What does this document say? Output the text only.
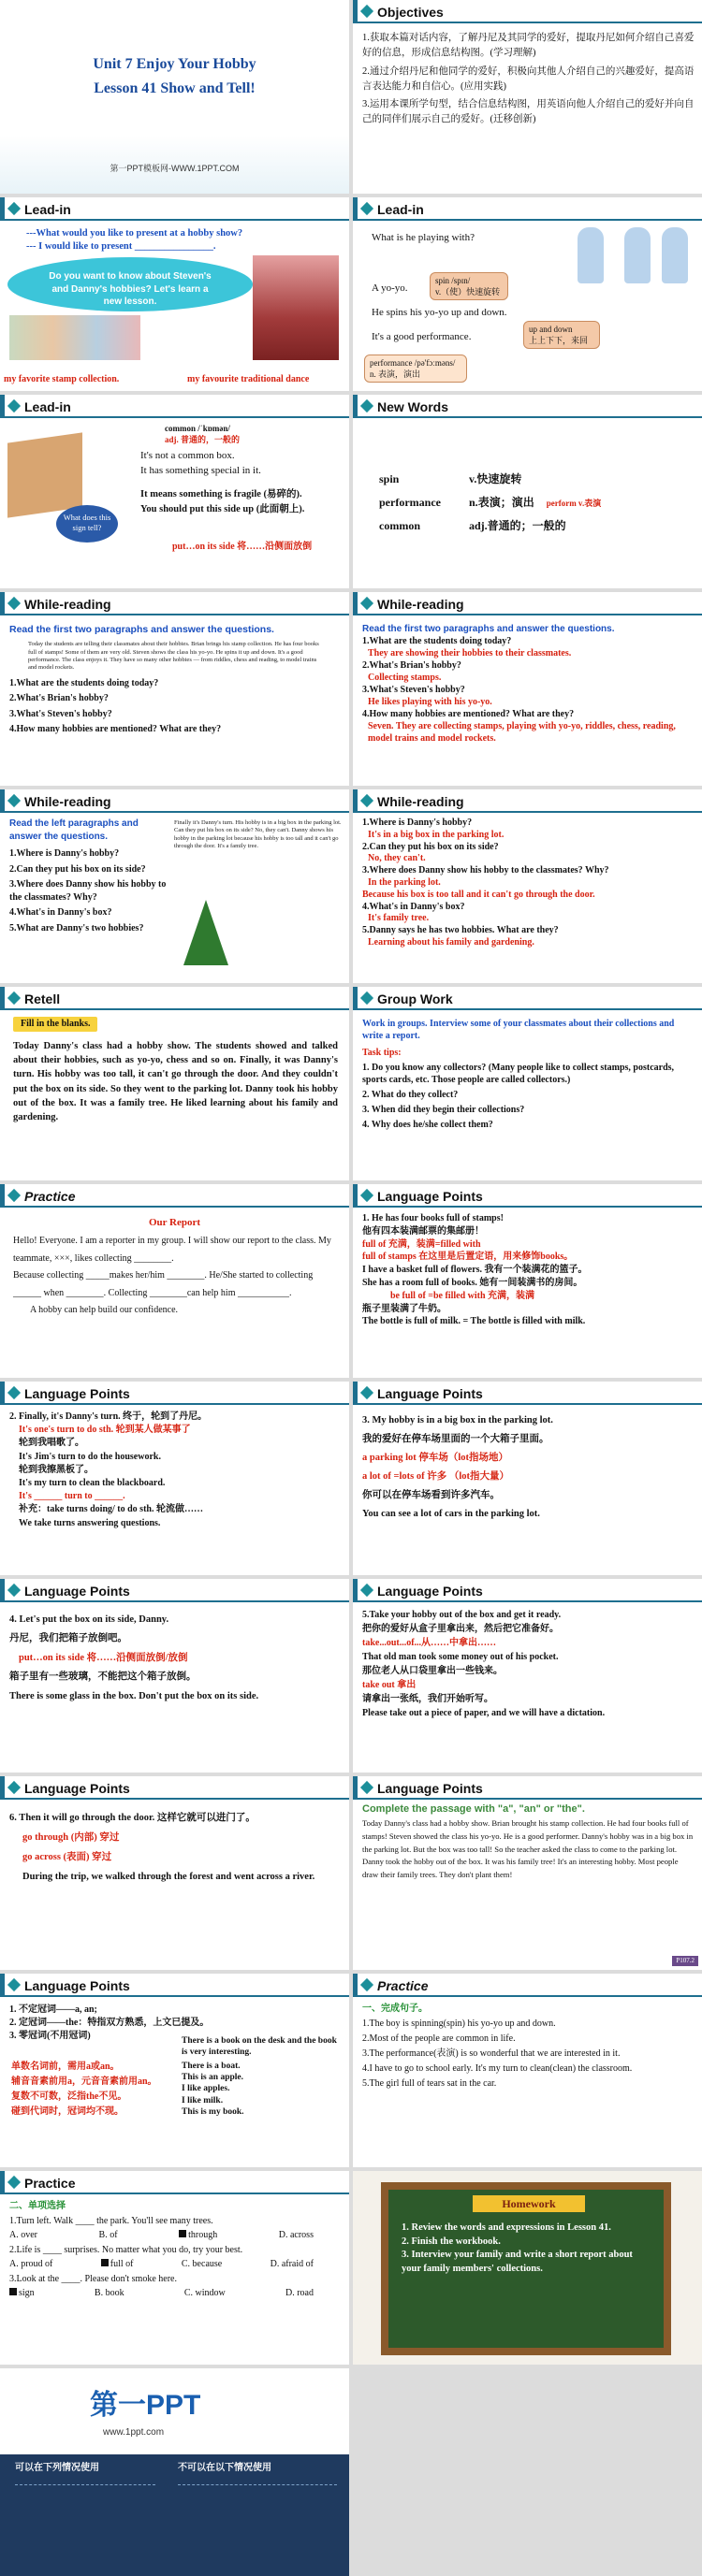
Unit 7 Enjoy Your Hobby
Lesson 41 Show and Tell!
第一PPT模板网-WWW.1PPT.COM
Objectives
1.获取本篇对话内容，了解丹尼及其同学的爱好，提取丹尼如何介绍自己喜爱好的信息，形成信息结构图。(学习理解)
2.通过介绍丹尼和他同学的爱好，积极向其他人介绍自己的兴趣爱好，提高语言表达能力和自信心。(应用实践)
3.运用本课所学句型，结合信息结构图，用英语向他人介绍自己的爱好并向自己的同伴们展示自己的爱好。(迁移创新)
Lead-in
---What would you like to present at a hobby show?
--- I would like to present ________________.
Do you want to know about Steven's and Danny's hobbies? Let's learn a new lesson.
my favorite stamp collection.	my favourite traditional dance
Lead-in
What is he playing with?
A yo-yo.
spin /spɪn/
v.（使）快速旋转
He spins his yo-yo up and down.
It's a good performance.
up and down
上上下下，来回
performance /pə'fɔːməns/
n. 表演，演出
Lead-in
What does this sign tell?
common /ˈkɒmən/
adj. 普通的，一般的
It's not a common box.
It has something special in it.
It means something is fragile (易碎的).
You should put this side up (此面朝上).
put…on its side 将……沿侧面放倒
New Words
spin	v.快速旋转
performance	n.表演；演出 perform v.表演
common	adj.普通的；一般的
While-reading
Read the first two paragraphs and answer the questions.
Today the students are telling their classmates about their hobbies. Brian brings his stamp collection. He has four books full of stamps! Some of them are very old. Steven shows the class his yo-yo. He spins it up and down. It's a good performance. The class enjoys it. They have so many other hobbies — from riddles, chess and reading, to model trains and model rockets.
1.What are the students doing today?
2.What's Brian's hobby?
3.What's Steven's hobby?
4.How many hobbies are mentioned? What are they?
While-reading
Read the first two paragraphs and answer the questions.
1.What are the students doing today?
They are showing their hobbies to their classmates.
2.What's Brian's hobby?
Collecting stamps.
3.What's Steven's hobby?
He likes playing with his yo-yo.
4.How many hobbies are mentioned? What are they?
Seven. They are collecting stamps, playing with yo-yo, riddles, chess, reading, model trains and model rockets.
While-reading
Read the left paragraphs and answer the questions.
1.Where is Danny's hobby?
2.Can they put his box on its side?
3.Where does Danny show his hobby to the classmates? Why?
4.What's in Danny's box?
5.What are Danny's two hobbies?
Finally it's Danny's turn. His hobby is in a big box in the parking lot. Can they put his box on its side? No, they can't. Danny shows his hobby in the parking lot because his hobby is too tall and it can't go through the door. It's a family tree.
While-reading
1.Where is Danny's hobby?
It's in a big box in the parking lot.
2.Can they put his box on its side?
No, they can't.
3.Where does Danny show his hobby to the classmates? Why?
In the parking lot.
Because his box is too tall and it can't go through the door.
4.What's in Danny's box?
It's family tree.
5.Danny says he has two hobbies. What are they?
Learning about his family and gardening.
Retell
Fill in the blanks.
Today Danny's class had a hobby show. The students showed and talked about their hobbies, such as yo-yo, chess and so on. Finally, it was Danny's turn. His hobby was too tall, it can't go through the door. And they couldn't put the box on its side. So they went to the parking lot. Danny took his hobby out of the box. It was a family tree. He liked learning about his family and gardening.
Group Work
Work in groups. Interview some of your classmates about their collections and write a report.
Task tips:
1. Do you know any collectors? (Many people like to collect stamps, postcards, sports cards, etc. Those people are called collectors.)
2. What do they collect?
3. When did they begin their collections?
4. Why does he/she collect them?
Practice
Our Report
Hello! Everyone. I am a reporter in my group. I will show our report to the class. My teammate, ×××, likes collecting ________.
Because collecting _____makes her/him ________. He/She started to collecting ______ when ________. Collecting ________can help him ___________.
A hobby can help build our confidence.
Language Points
1. He has four books full of stamps!
他有四本装满邮票的集邮册！
full of 充满，装满=filled with
full of stamps 在这里是后置定语，用来修饰books。
I have a basket full of flowers. 我有一个装满花的篮子。
She has a room full of books. 她有一间装满书的房间。
be full of =be filled with 充满，装满
瓶子里装满了牛奶。
The bottle is full of milk. = The bottle is filled with milk.
Language Points
2. Finally, it's Danny's turn. 终于，轮到了丹尼。
It's one's turn to do sth. 轮到某人做某事了
轮到我唱歌了。
It's Jim's turn to do the housework.
轮到我擦黑板了。
It's my turn to clean the blackboard.
It's ______ turn to ______.
补充：take turns doing/ to do sth. 轮流做……
We take turns answering questions.
Language Points
3. My hobby is in a big box in the parking lot.
我的爱好在停车场里面的一个大箱子里面。
a parking lot 停车场（lot指场地）
a lot of =lots of 许多 （lot指大量）
你可以在停车场看到许多汽车。
You can see a lot of cars in the parking lot.
Language Points
4. Let's put the box on its side, Danny.
丹尼，我们把箱子放倒吧。
put…on its side 将……沿侧面放倒/放倒
箱子里有一些玻璃，不能把这个箱子放倒。
There is some glass in the box. Don't put the box on its side.
Language Points
5.Take your hobby out of the box and get it ready.
把你的爱好从盒子里拿出来，然后把它准备好。
take...out...of...从……中拿出……
That old man took some money out of his pocket.
那位老人从口袋里拿出一些钱来。
take out 拿出
请拿出一张纸，我们开始听写。
Please take out a piece of paper, and we will have a dictation.
Language Points
6. Then it will go through the door. 这样它就可以进门了。
go through (内部) 穿过
go across (表面) 穿过
During the trip, we walked through the forest and went across a river.
Language Points
Complete the passage with "a", "an" or "the".
Today Danny's class had a hobby show. Brian brought his stamp collection. He had four books full of stamps! Steven showed the class his yo-yo. He is a good performer. Danny's hobby was in a big box in the parking lot. But the box was too tall! So the teacher asked the class to come to the parking lot. Danny took the hobby out of the box. It was his family tree! It's an interesting hobby. Most people draw their family trees. They don't plant them!
P107.2
Language Points
1. 不定冠词——a, an;
2. 定冠词——the：特指双方熟悉，上文已提及。
3. 零冠词(不用冠词)
单数名词前，需用a或an。
辅音音素前用a，元音音素前用an。
复数不可数，泛指the不见。
碰到代词时，冠词均不现。
There is a book on the desk and the book is very interesting.
There is a boat.
This is an apple.
I like apples.
I like milk.
This is my book.
Practice
一、完成句子。
1.The boy is spinning(spin) his yo-yo up and down.
2.Most of the people are common in life.
3.The performance(表演) is so wonderful that we are interested in it.
4.I have to go to school early. It's my turn to clean(clean) the classroom.
5.The girl full of tears sat in the car.
Practice
二、单项选择
1.Turn left. Walk ____ the park. You'll see many trees.
A. over	B. of	through	D. across
2.Life is ____ surprises. No matter what you do, try your best.
A. proud of	full of	C. because	D. afraid of
3.Look at the ____. Please don't smoke here.
sign	B. book	C. window	D. road
Homework
1. Review the words and expressions in Lesson 41.
2. Finish the workbook.
3. Interview your family and write a short report about your family members' collections.
第一PPT
www.1ppt.com
可以在下列情况使用	不可以在以下情况使用
